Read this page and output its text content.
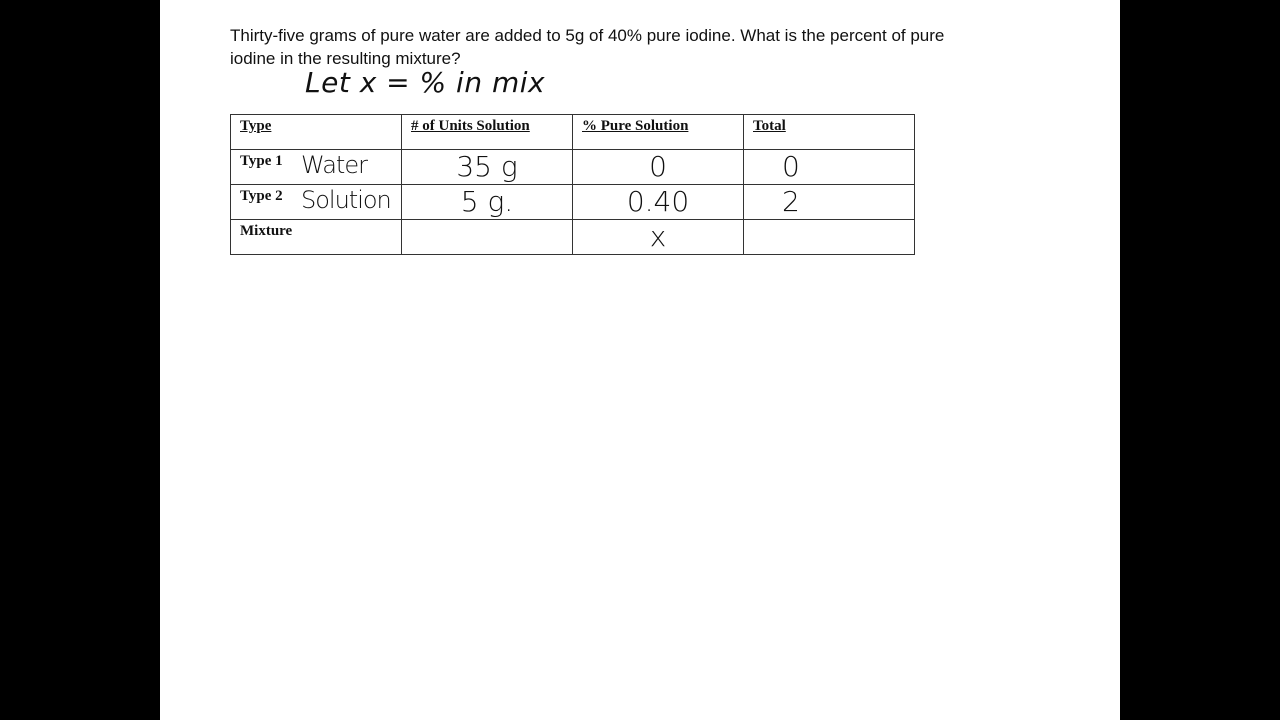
Thirty-five grams of pure water are added to 5g of 40% pure iodine. What is the percent of pure
iodine in the resulting mixture?
Let x = % in mix
Type	# of Units Solution	% Pure Solution	Total

Type 1 Water	35 g	0	0

Type 2 Solution	5 g.	0.40	2

Mixture		x	
